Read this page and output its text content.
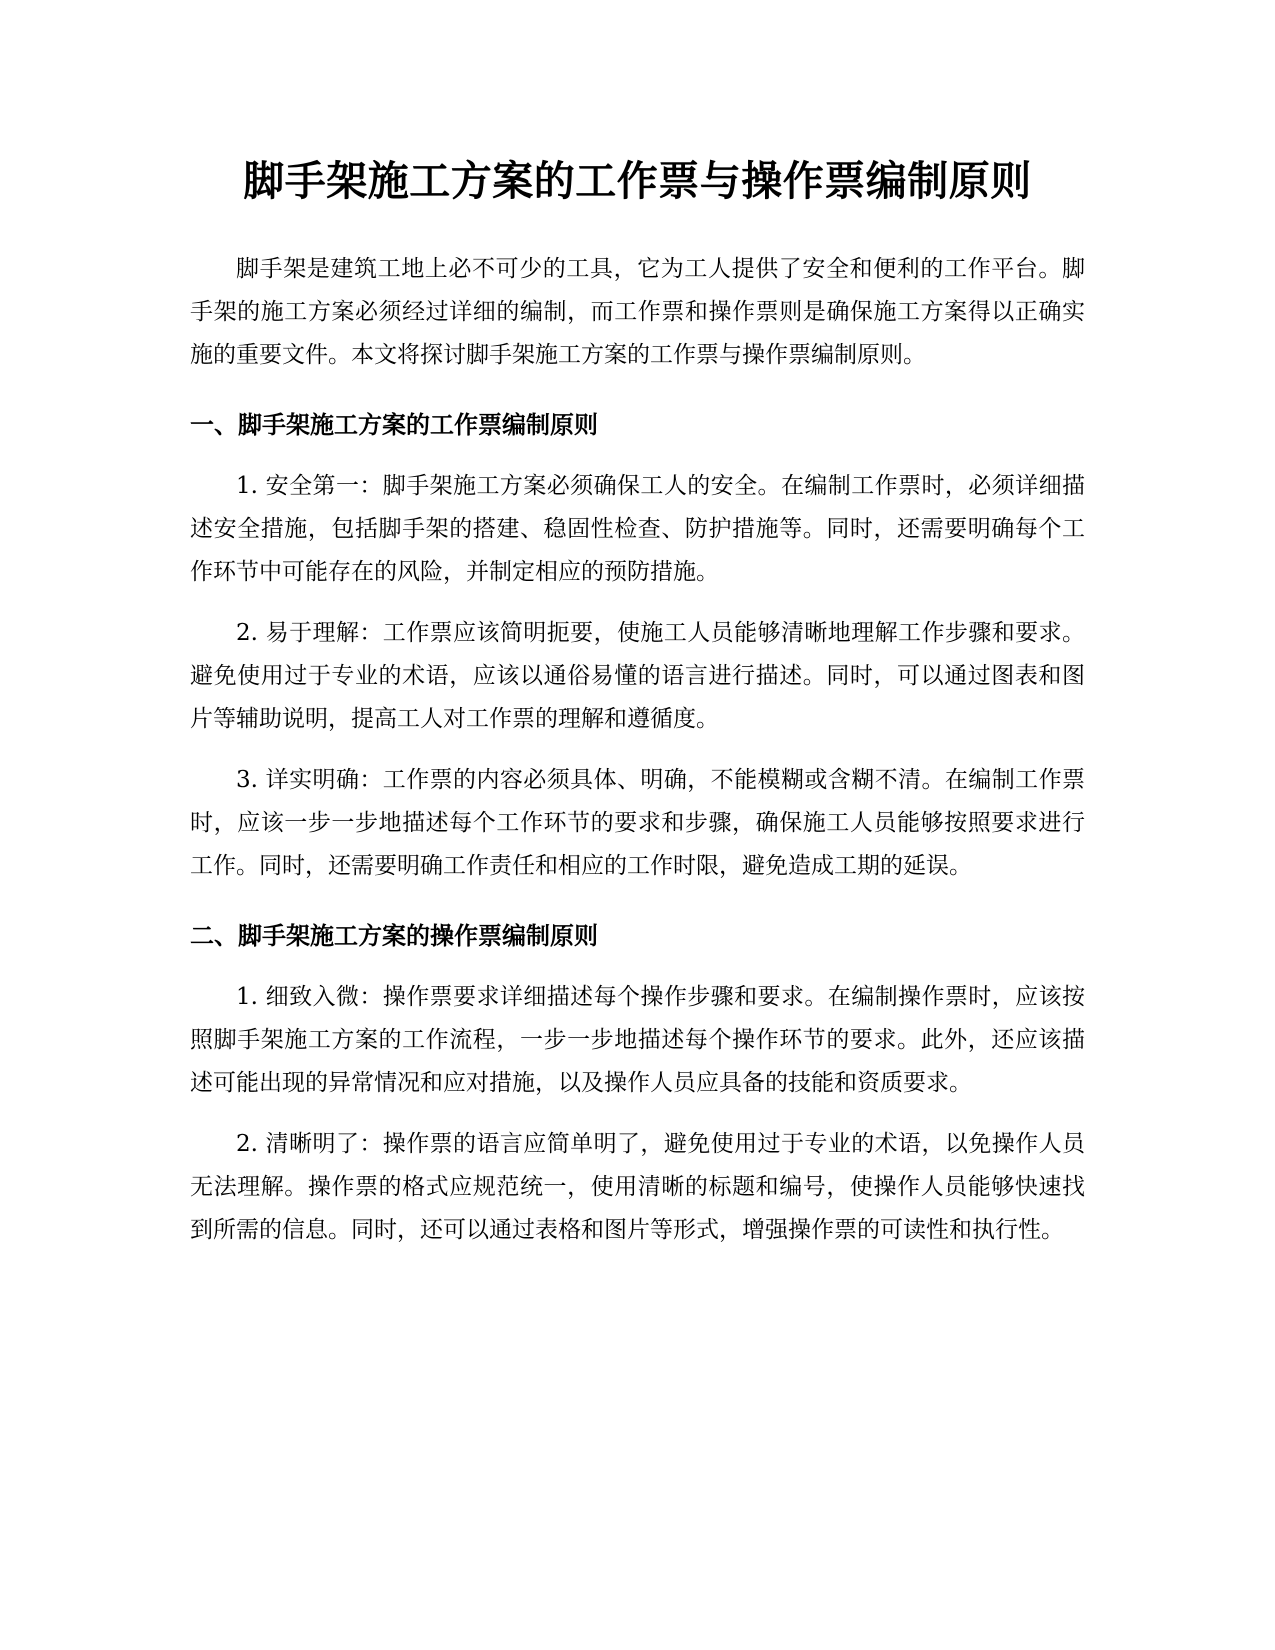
脚手架施工方案的工作票与操作票编制原则

脚手架是建筑工地上必不可少的工具，它为工人提供了安全和便利的工作平台。脚手架的施工方案必须经过详细的编制，而工作票和操作票则是确保施工方案得以正确实施的重要文件。本文将探讨脚手架施工方案的工作票与操作票编制原则。

一、脚手架施工方案的工作票编制原则

1. 安全第一：脚手架施工方案必须确保工人的安全。在编制工作票时，必须详细描述安全措施，包括脚手架的搭建、稳固性检查、防护措施等。同时，还需要明确每个工作环节中可能存在的风险，并制定相应的预防措施。

2. 易于理解：工作票应该简明扼要，使施工人员能够清晰地理解工作步骤和要求。避免使用过于专业的术语，应该以通俗易懂的语言进行描述。同时，可以通过图表和图片等辅助说明，提高工人对工作票的理解和遵循度。

3. 详实明确：工作票的内容必须具体、明确，不能模糊或含糊不清。在编制工作票时，应该一步一步地描述每个工作环节的要求和步骤，确保施工人员能够按照要求进行工作。同时，还需要明确工作责任和相应的工作时限，避免造成工期的延误。

二、脚手架施工方案的操作票编制原则

1. 细致入微：操作票要求详细描述每个操作步骤和要求。在编制操作票时，应该按照脚手架施工方案的工作流程，一步一步地描述每个操作环节的要求。此外，还应该描述可能出现的异常情况和应对措施，以及操作人员应具备的技能和资质要求。

2. 清晰明了：操作票的语言应简单明了，避免使用过于专业的术语，以免操作人员无法理解。操作票的格式应规范统一，使用清晰的标题和编号，使操作人员能够快速找到所需的信息。同时，还可以通过表格和图片等形式，增强操作票的可读性和执行性。
